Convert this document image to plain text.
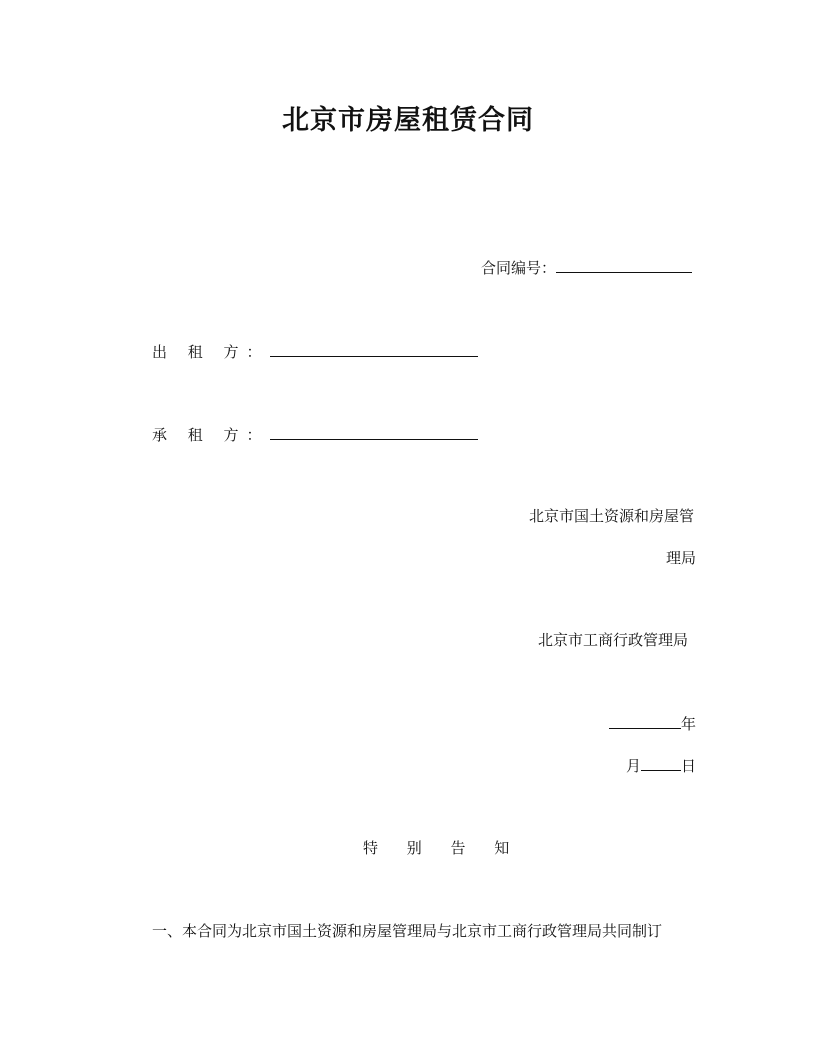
北京市房屋租赁合同
合同编号：
出 租 方：
承 租 方：
北京市国土资源和房屋管
理局
北京市工商行政管理局
年
月	日
特 别 告 知
一、本合同为北京市国土资源和房屋管理局与北京市工商行政管理局共同制订
